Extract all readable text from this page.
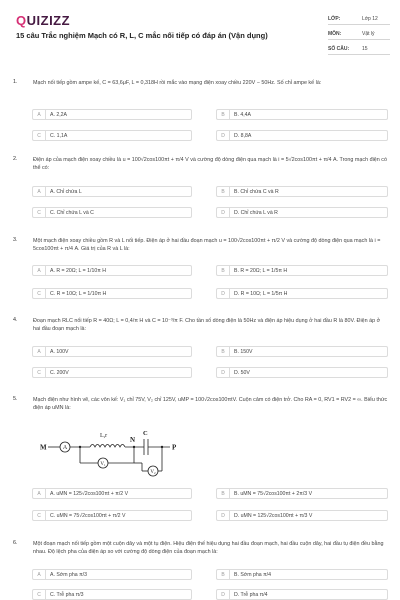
QUIZIZZ
15 câu Trắc nghiệm Mạch có R, L, C mắc nối tiếp có đáp án (Vận dụng)
LỚP:	Lớp 12
MÔN:	Vật lý
SỐ CÂU:	15
1.	Mạch nối tiếp gồm ampe kế, C = 63,6μF, L = 0,318H rồi mắc vào mạng điện xoay chiều 220V − 50Hz. Số chỉ ampe kế là:
A	A. 2,2A	B	B. 4,4A
C	C. 1,1A	D	D. 8,8A
2.	Điện áp của mạch điện xoay chiều là u = 100√2cos100πt + π/4 V và cường độ dòng điện qua mạch là i = 5√2cos100πt + π/4 A. Trong mạch điện có thể có:
A	A. Chỉ chứa L	B	B. Chỉ chứa C và R
C	C. Chỉ chứa L và C	D	D. Chỉ chứa L và R
3.	Một mạch điện xoay chiều gồm R và L nối tiếp. Điện áp ở hai đầu đoạn mạch u = 100√2cos100πt + π/2 V và cường độ dòng điện qua mạch là i = 5cos100πt + π/4 A. Giá trị của R và L là:
A	A. R = 20Ω; L = 1/10π H	B	B. R = 20Ω; L = 1/5π H
C	C. R = 10Ω; L = 1/10π H	D	D. R = 10Ω; L = 1/5π H
4.	Đoạn mạch RLC nối tiếp R = 40Ω; L = 0,4/π H và C = 10⁻³/π F. Cho tần số dòng điện là 50Hz và điện áp hiệu dụng ở hai đầu R là 80V. Điện áp ở hai đầu đoạn mạch là:
A	A. 100V	B	B. 150V
C	C. 200V	D	D. 50V
5.	Mạch điện như hình vẽ, các vôn kế: V₁ chỉ 75V, V₂ chỉ 125V, uMP = 100√2cos100πtV. Cuộn cảm có điện trở. Cho RA = 0, RV1 = RV2 = ∞. Biểu thức điện áp uMN là:
M	P
N
L,r	C
A
V₁
V₂
A	A. uMN = 125√2cos100πt + π/2 V	B	B. uMN = 75√2cos100πt + 2π/3 V
C	C. uMN = 75√2cos100πt + π/2 V	D	D. uMN = 125√2cos100πt + π/3 V
6.	Một đoạn mạch nối tiếp gồm một cuộn dây và một tụ điện. Hiệu điện thế hiệu dụng hai đầu đoạn mạch, hai đầu cuộn dây, hai đầu tụ điện đều bằng nhau. Độ lệch pha của điện áp so với cường độ dòng điện của đoạn mạch là:
A	A. Sớm pha π/3	B	B. Sớm pha π/4
C	C. Trễ pha π/3	D	D. Trễ pha π/4
